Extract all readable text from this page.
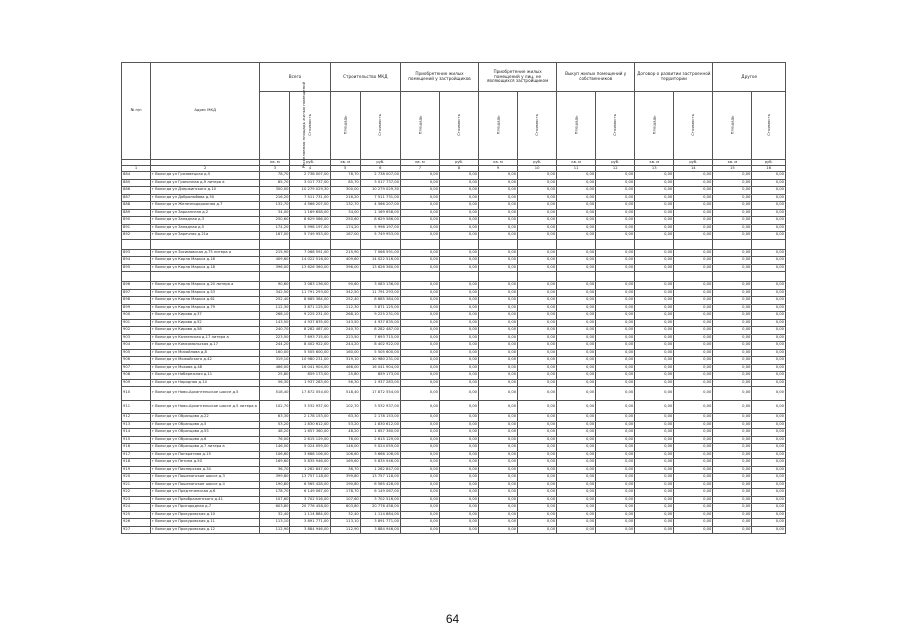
№ п/п	Адрес МКД	Всего		Строительство МКД		Приобретение жилых помещений у застройщиков		Приобретение жилых помещений у лиц, не являющихся застройщиком		Выкуп жилых помещений у собственников		Договор о развитии застроенной территории		Другое	
		Расселяемая площадь жилых помещений	Стоимость	Площадь	Стоимость	Площадь	Стоимость	Площадь	Стоимость	Площадь	Стоимость	Площадь	Стоимость	Площадь	Стоимость
		кв. м	руб.	кв. м	руб.	кв. м	руб.	кв. м	руб.	кв. м	руб.	кв. м	руб.	кв. м	руб.
1	2	3	4	5	6	7	8	9	10	11	12	13	14	15	16
884	г Вологда ул Грязовецкая д.5	78,70	2 738 007,00	78,70	2 738 007,00	0,00	0,00	0,00	0,00	0,00	0,00	0,00	0,00	0,00	0,00
885	г Вологда ул Граничная д.9 литера а	85,70	3 017 737,00	85,70	3 017 737,00	0,00	0,00	0,00	0,00	0,00	0,00	0,00	0,00	0,00	0,00
886	г Вологда ул Дзержинского д.10	300,00	10 279 029,30	300,00	10 279 029,30	0,00	0,00	0,00	0,00	0,00	0,00	0,00	0,00	0,00	0,00
887	г Вологда ул Добролюбова д.50	216,20	7 511 731,00	216,20	7 511 731,00	0,00	0,00	0,00	0,00	0,00	0,00	0,00	0,00	0,00	0,00
888	г Вологда ул Железнодорожная д.7	132,70	4 566 207,00	132,70	4 566 207,00	0,00	0,00	0,00	0,00	0,00	0,00	0,00	0,00	0,00	0,00
889	г Вологда ул Заркапсная д.2	34,00	1 169 658,00	34,00	1 169 658,00	0,00	0,00	0,00	0,00	0,00	0,00	0,00	0,00	0,00	0,00
890	г Вологда ул Западная д.3	250,60	8 629 586,00	250,60	8 629 586,00	0,00	0,00	0,00	0,00	0,00	0,00	0,00	0,00	0,00	0,00
891	г Вологда ул Западная д.5	174,20	5 998 197,00	174,20	5 998 197,00	0,00	0,00	0,00	0,00	0,00	0,00	0,00	0,00	0,00	0,00
892	г Вологда ул Заречная д.21а	167,00	5 749 953,00	167,00	5 749 953,00	0,00	0,00	0,00	0,00	0,00	0,00	0,00	0,00	0,00	0,00

893	г Вологда ул Зосимовская д.75 литера а	215,90	7 068 591,00	215,90	7 068 591,00	0,00	0,00	0,00	0,00	0,00	0,00	0,00	0,00	0,00	0,00
894	г Вологда ул Карла Маркса д.16	409,60	14 022 516,00	409,60	14 022 516,00	0,00	0,00	0,00	0,00	0,00	0,00	0,00	0,00	0,00	0,00
895	г Вологда ул Карла Маркса д.18	396,00	13 626 360,00	396,00	13 626 360,00	0,00	0,00	0,00	0,00	0,00	0,00	0,00	0,00	0,00	0,00

896	г Вологда ул Карла Маркса д.20 литера а	90,60	3 083 136,00	90,60	3 083 136,00	0,00	0,00	0,00	0,00	0,00	0,00	0,00	0,00	0,00	0,00
897	г Вологда ул Карла Маркса д.53	342,50	11 791 293,00	342,50	11 791 293,00	0,00	0,00	0,00	0,00	0,00	0,00	0,00	0,00	0,00	0,00
898	г Вологда ул Карла Маркса д.61	252,40	8 685 384,00	252,40	8 685 384,00	0,00	0,00	0,00	0,00	0,00	0,00	0,00	0,00	0,00	0,00
899	г Вологда ул Карла Маркса д.79	112,30	3 871 125,00	112,30	3 871 125,00	0,00	0,00	0,00	0,00	0,00	0,00	0,00	0,00	0,00	0,00
900	г Вологда ул Кирова д.37	268,10	9 225 231,00	268,10	9 225 231,00	0,00	0,00	0,00	0,00	0,00	0,00	0,00	0,00	0,00	0,00
901	г Вологда ул Кирова д.52	143,50	4 937 835,00	143,50	4 937 835,00	0,00	0,00	0,00	0,00	0,00	0,00	0,00	0,00	0,00	0,00
902	г Вологда ул Кирова д.58	240,70	8 282 487,00	240,70	8 282 487,00	0,00	0,00	0,00	0,00	0,00	0,00	0,00	0,00	0,00	0,00
903	г Вологда ул Козленская д.17 литера а	223,50	7 693 715,00	223,50	7 693 715,00	0,00	0,00	0,00	0,00	0,00	0,00	0,00	0,00	0,00	0,00
904	г Вологда ул Комсомольская д.17	244,20	8 402 922,00	244,20	8 402 922,00	0,00	0,00	0,00	0,00	0,00	0,00	0,00	0,00	0,00	0,00
905	г Вологда ул Михайлова д.8	160,00	5 505 600,00	160,00	5 505 600,00	0,00	0,00	0,00	0,00	0,00	0,00	0,00	0,00	0,00	0,00
906	г Вологда ул Можайского д.42	319,10	10 980 231,00	319,10	10 980 231,00	0,00	0,00	0,00	0,00	0,00	0,00	0,00	0,00	0,00	0,00
907	г Вологда ул Мохова д.48	466,00	16 041 904,00	466,00	16 041 904,00	0,00	0,00	0,00	0,00	0,00	0,00	0,00	0,00	0,00	0,00
908	г Вологда ул Набережная д.11	25,80	859 173,00	25,80	859 173,00	0,00	0,00	0,00	0,00	0,00	0,00	0,00	0,00	0,00	0,00
909	г Вологда ул Народная д.14	56,30	1 937 283,00	56,30	1 937 283,00	0,00	0,00	0,00	0,00	0,00	0,00	0,00	0,00	0,00	0,00
910	г Вологда ул Ново-Архангельское шоссе д.5	518,40	17 872 554,00	518,40	17 872 554,00	0,00	0,00	0,00	0,00	0,00	0,00	0,00	0,00	0,00	0,00
911	г Вологда ул Ново-Архангельское шоссе д.5 литера а	102,70	3 532 937,00	102,70	3 532 937,00	0,00	0,00	0,00	0,00	0,00	0,00	0,00	0,00	0,00	0,00
912	г Вологда ул Образцова д.22	63,30	2 178 153,00	63,30	2 178 153,00	0,00	0,00	0,00	0,00	0,00	0,00	0,00	0,00	0,00	0,00
913	г Вологда ул Образцова д.5	53,20	1 830 612,00	53,20	1 830 612,00	0,00	0,00	0,00	0,00	0,00	0,00	0,00	0,00	0,00	0,00
914	г Вологда ул Образцова д.55	48,20	1 657 360,00	48,20	1 657 360,00	0,00	0,00	0,00	0,00	0,00	0,00	0,00	0,00	0,00	0,00
915	г Вологда ул Образцова д.6	76,00	2 615 129,00	76,00	2 615 129,00	0,00	0,00	0,00	0,00	0,00	0,00	0,00	0,00	0,00	0,00
916	г Вологда ул Образцова д.7 литера а	146,00	5 024 059,00	146,00	5 024 059,00	0,00	0,00	0,00	0,00	0,00	0,00	0,00	0,00	0,00	0,00
917	г Вологда ул Панкратова д.15	106,60	3 668 106,00	106,60	3 668 106,00	0,00	0,00	0,00	0,00	0,00	0,00	0,00	0,00	0,00	0,00
918	г Вологда ул Петина д.50	169,60	5 835 946,00	169,60	5 835 946,00	0,00	0,00	0,00	0,00	0,00	0,00	0,00	0,00	0,00	0,00
919	г Вологда ул Пионерская д.34	36,70	1 262 847,00	36,70	1 262 847,00	0,00	0,00	0,00	0,00	0,00	0,00	0,00	0,00	0,00	0,00
920	г Вологда ул Пошехонское шоссе д.3	399,80	13 757 118,00	399,80	13 757 118,00	0,00	0,00	0,00	0,00	0,00	0,00	0,00	0,00	0,00	0,00
921	г Вологда ул Пошехонское шоссе д.4	190,80	6 565 428,00	190,80	6 565 428,00	0,00	0,00	0,00	0,00	0,00	0,00	0,00	0,00	0,00	0,00
922	г Вологда ул Предтеченская д.6	178,70	6 149 067,00	178,70	6 149 067,00	0,00	0,00	0,00	0,00	0,00	0,00	0,00	0,00	0,00	0,00
923	г Вологда ул Преображенского д.41	107,60	3 702 516,00	107,60	3 702 516,00	0,00	0,00	0,00	0,00	0,00	0,00	0,00	0,00	0,00	0,00
924	г Вологда ул Пригородная д.7	603,80	20 776 458,00	603,80	20 776 458,00	0,00	0,00	0,00	0,00	0,00	0,00	0,00	0,00	0,00	0,00
925	г Вологда ул Прокуровская д.10	32,40	1 114 884,00	32,40	1 114 884,00	0,00	0,00	0,00	0,00	0,00	0,00	0,00	0,00	0,00	0,00
926	г Вологда ул Прокуровская д.11	113,10	3 891 771,00	113,10	3 891 771,00	0,00	0,00	0,00	0,00	0,00	0,00	0,00	0,00	0,00	0,00
927	г Вологда ул Прокуровская д.12	112,90	3 884 946,00	112,90	3 884 946,00	0,00	0,00	0,00	0,00	0,00	0,00	0,00	0,00	0,00	0,00
64
